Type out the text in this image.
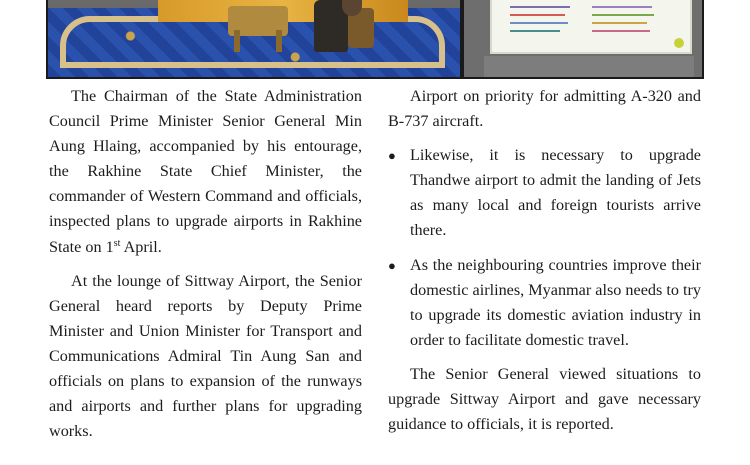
The Chairman of the State Administration Council Prime Minister Senior General Min Aung Hlaing, accompanied by his entourage, the Rakhine State Chief Minister, the commander of Western Command and officials, inspected plans to upgrade airports in Rakhine State on 1st April.

At the lounge of Sittway Airport, the Senior General heard reports by Deputy Prime Minister and Union Minister for Transport and Communications Admiral Tin Aung San and officials on plans to expansion of the runways and airports and further plans for upgrading works.

Airport on priority for admitting A-320 and B-737 aircraft.

● Likewise, it is necessary to upgrade Thandwe airport to admit the landing of Jets as many local and foreign tourists arrive there.
● As the neighbouring countries improve their domestic airlines, Myanmar also needs to try to upgrade its domestic aviation industry in order to facilitate domestic travel.

The Senior General viewed situations to upgrade Sittway Airport and gave necessary guidance to officials, it is reported.
